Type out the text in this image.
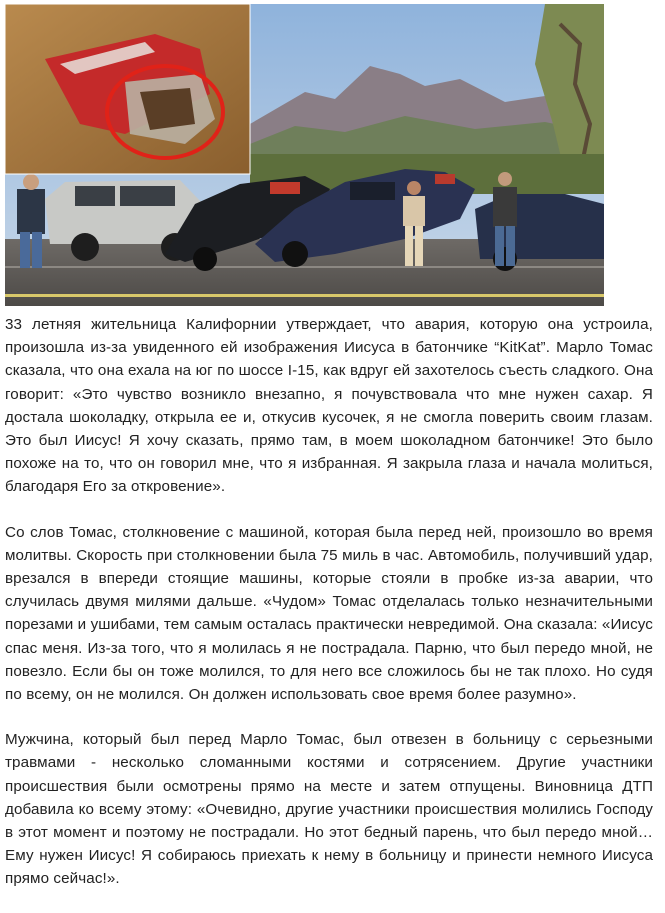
33 летняя жительница Калифорнии утверждает, что авария, которую она устроила, произошла из-за увиденного ей изображения Иисуса в батончике “KitKat”. Марло Томас сказала, что она ехала на юг по шоссе I-15, как вдруг ей захотелось съесть сладкого. Она говорит: «Это чувство возникло внезапно, я почувствовала что мне нужен сахар. Я достала шоколадку, открыла ее и, откусив кусочек, я не смогла поверить своим глазам. Это был Иисус! Я хочу сказать, прямо там, в моем шоколадном батончике! Это было похоже на то, что он говорил мне, что я избранная. Я закрыла глаза и начала молиться, благодаря Его за откровение».

Со слов Томас, столкновение с машиной, которая была перед ней, произошло во время молитвы. Скорость при столкновении была 75 миль в час. Автомобиль, получивший удар, врезался в впереди стоящие машины, которые стояли в пробке из-за аварии, что случилась двумя милями дальше. «Чудом» Томас отделалась только незначительными порезами и ушибами, тем самым осталась практически невредимой. Она сказала: «Иисус спас меня. Из-за того, что я молилась я не пострадала. Парню, что был передо мной, не повезло. Если бы он тоже молился, то для него все сложилось бы не так плохо. Но судя по всему, он не молился. Он должен использовать свое время более разумно».

Мужчина, который был перед Марло Томас, был отвезен в больницу с серьезными травмами - несколько сломанными костями и сотрясением. Другие участники происшествия были осмотрены прямо на месте и затем отпущены. Виновница ДТП добавила ко всему этому: «Очевидно, другие участники происшествия молились Господу в этот момент и поэтому не пострадали. Но этот бедный парень, что был передо мной…Ему нужен Иисус! Я собираюсь приехать к нему в больницу и принести немного Иисуса прямо сейчас!».
